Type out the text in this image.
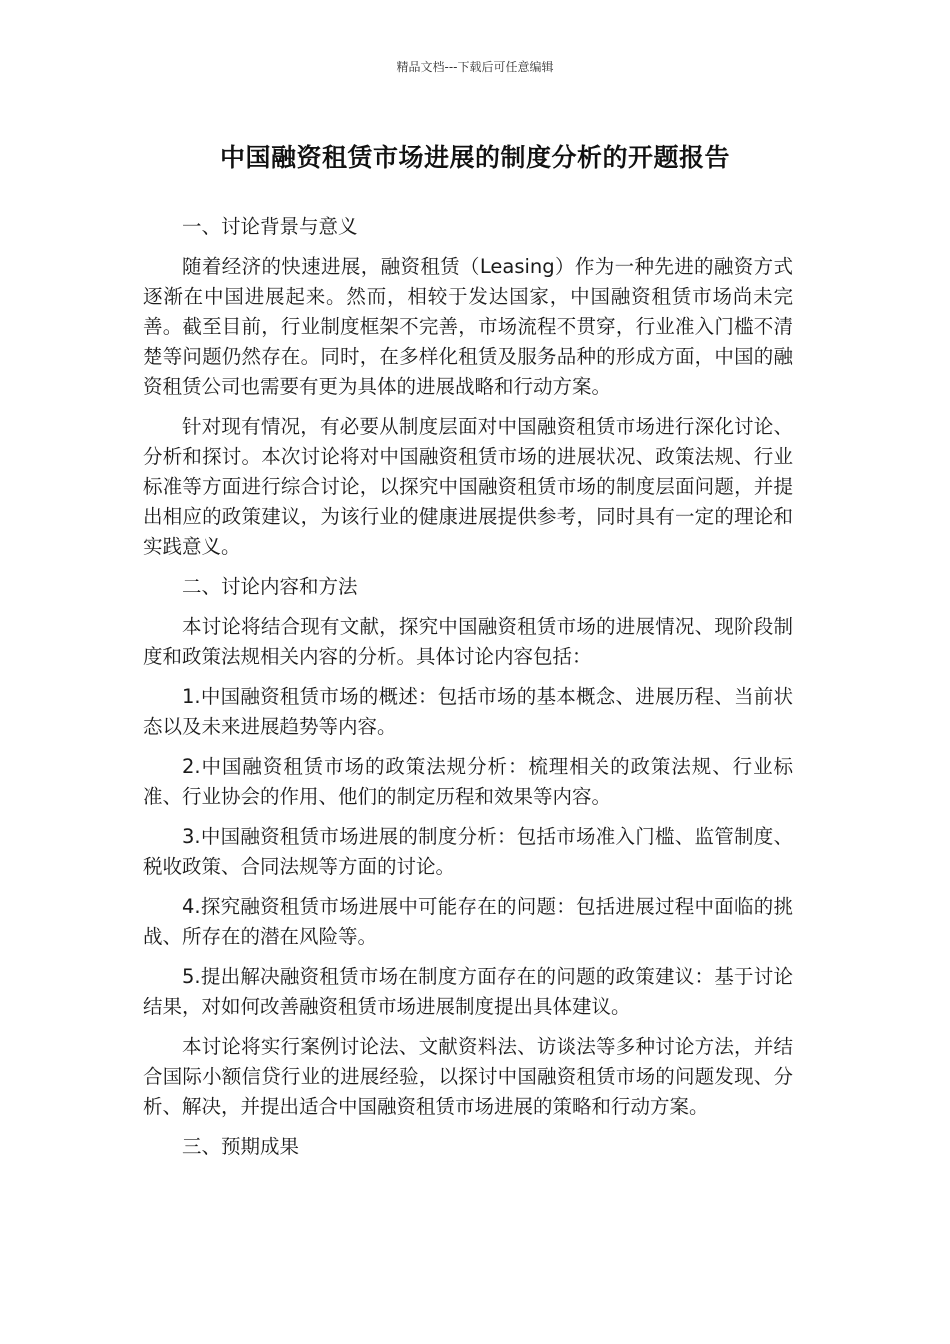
精品文档---下载后可任意编辑
中国融资租赁市场进展的制度分析的开题报告

一、讨论背景与意义

随着经济的快速进展，融资租赁（Leasing）作为一种先进的融资方式逐渐在中国进展起来。然而，相较于发达国家，中国融资租赁市场尚未完善。截至目前，行业制度框架不完善，市场流程不贯穿，行业准入门槛不清楚等问题仍然存在。同时，在多样化租赁及服务品种的形成方面，中国的融资租赁公司也需要有更为具体的进展战略和行动方案。

针对现有情况，有必要从制度层面对中国融资租赁市场进行深化讨论、分析和探讨。本次讨论将对中国融资租赁市场的进展状况、政策法规、行业标准等方面进行综合讨论，以探究中国融资租赁市场的制度层面问题，并提出相应的政策建议，为该行业的健康进展提供参考，同时具有一定的理论和实践意义。

二、讨论内容和方法

本讨论将结合现有文献，探究中国融资租赁市场的进展情况、现阶段制度和政策法规相关内容的分析。具体讨论内容包括：

1.中国融资租赁市场的概述：包括市场的基本概念、进展历程、当前状态以及未来进展趋势等内容。

2.中国融资租赁市场的政策法规分析：梳理相关的政策法规、行业标准、行业协会的作用、他们的制定历程和效果等内容。

3.中国融资租赁市场进展的制度分析：包括市场准入门槛、监管制度、税收政策、合同法规等方面的讨论。

4.探究融资租赁市场进展中可能存在的问题：包括进展过程中面临的挑战、所存在的潜在风险等。

5.提出解决融资租赁市场在制度方面存在的问题的政策建议：基于讨论结果，对如何改善融资租赁市场进展制度提出具体建议。

本讨论将实行案例讨论法、文献资料法、访谈法等多种讨论方法，并结合国际小额信贷行业的进展经验，以探讨中国融资租赁市场的问题发现、分析、解决，并提出适合中国融资租赁市场进展的策略和行动方案。

三、预期成果
